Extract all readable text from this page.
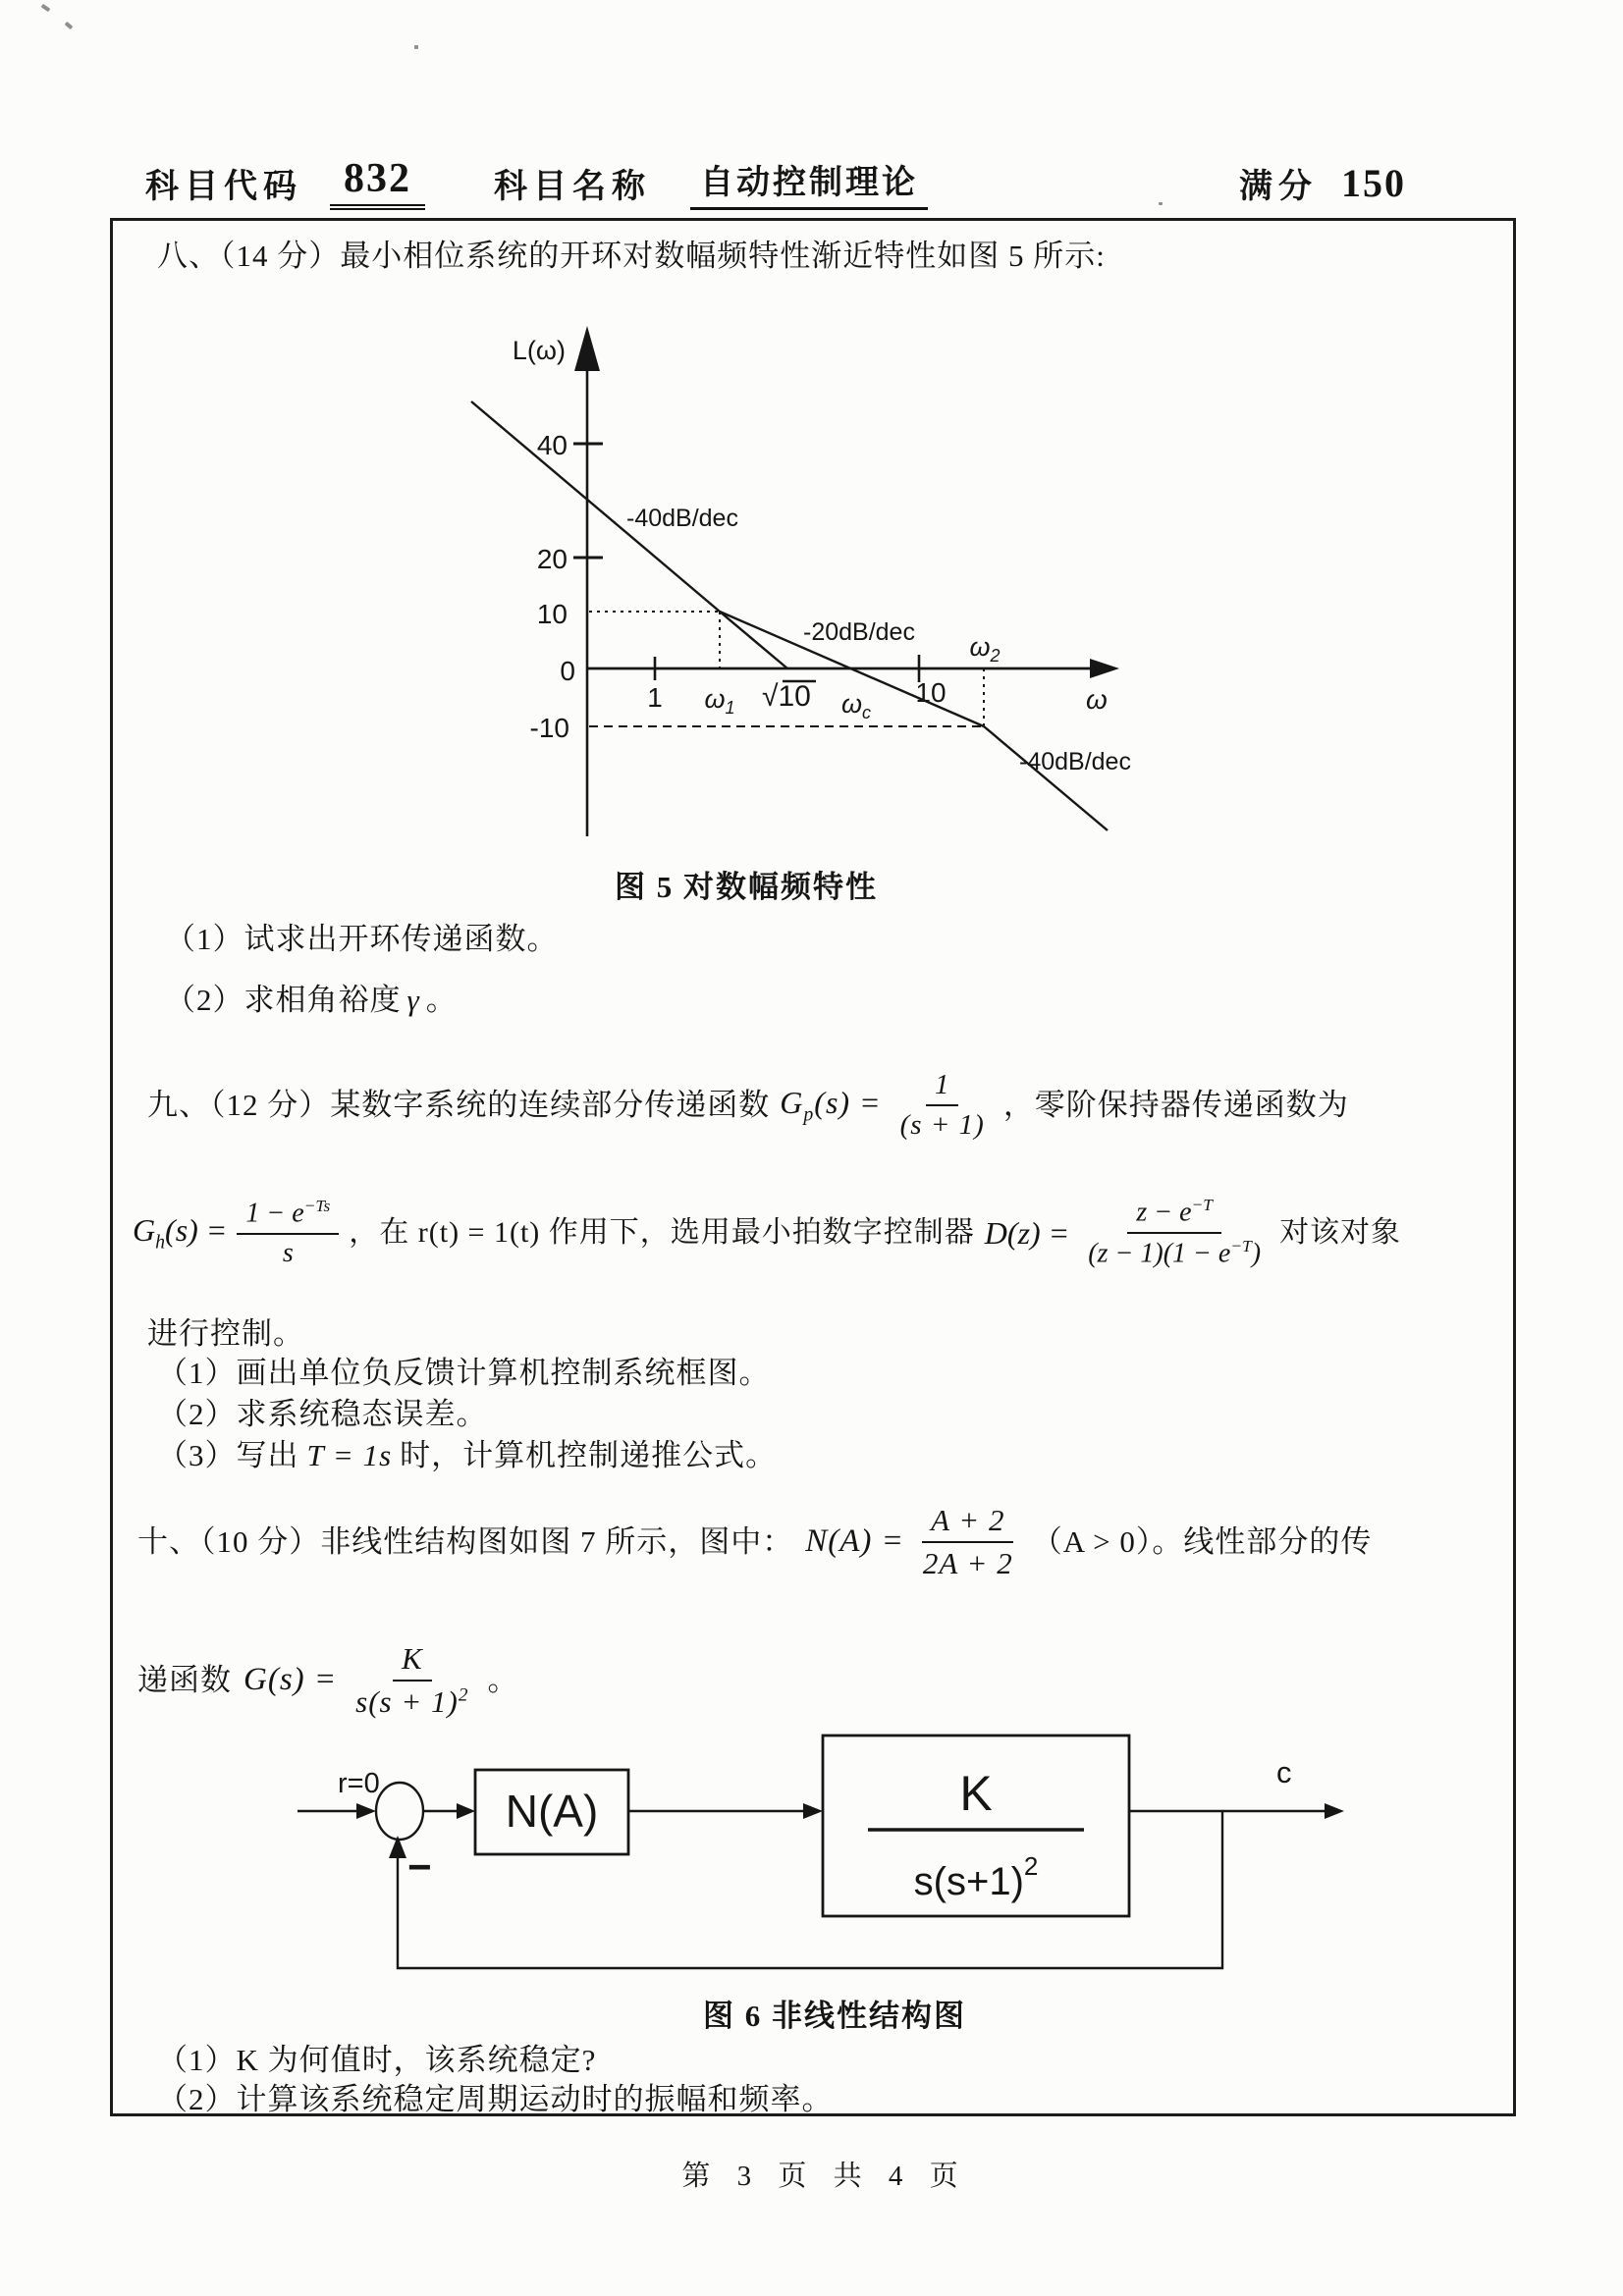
科目代码	832	科目名称 自动控制理论	满分 150
八、（14 分）最小相位系统的开环对数幅频特性渐近特性如图 5 所示:
L(ω)
ω
40
20
10
0
-10
1 $\omega_1$ √10 $\omega_c$
10
$\omega_2$
-40dB/dec
-20dB/dec
-40dB/dec
图 5 对数幅频特性
（1）试求出开环传递函数。
（2）求相角裕度 γ 。
九、（12 分）某数字系统的连续部分传递函数 $G_p(s) = \frac{1}{(s + 1)}$ ，零阶保持器传递函数为
$G_h(s) = \frac{1 - e^{-Ts}}{s}$ ，在 r(t) = 1(t) 作用下，选用最小拍数字控制器 $D(z) = \frac{z - e^{-T}}{(z - 1)(1 - e^{-T})}$ 对该对象
进行控制。
（1）画出单位负反馈计算机控制系统框图。
（2）求系统稳态误差。
（3）写出 T = 1s 时，计算机控制递推公式。
十、（10 分）非线性结构图如图 7 所示，图中： $N(A) = \frac{A + 2}{2A + 2} (A > 0)$。线性部分的传
递函数 $G(s) = \frac{K}{s(s + 1)^2}$ 。
r=0
N(A)	K
$s(s+1)^2$
c
−
图 6 非线性结构图
（1）K 为何值时，该系统稳定?
（2）计算该系统稳定周期运动时的振幅和频率。
第 3 页 共 4 页
